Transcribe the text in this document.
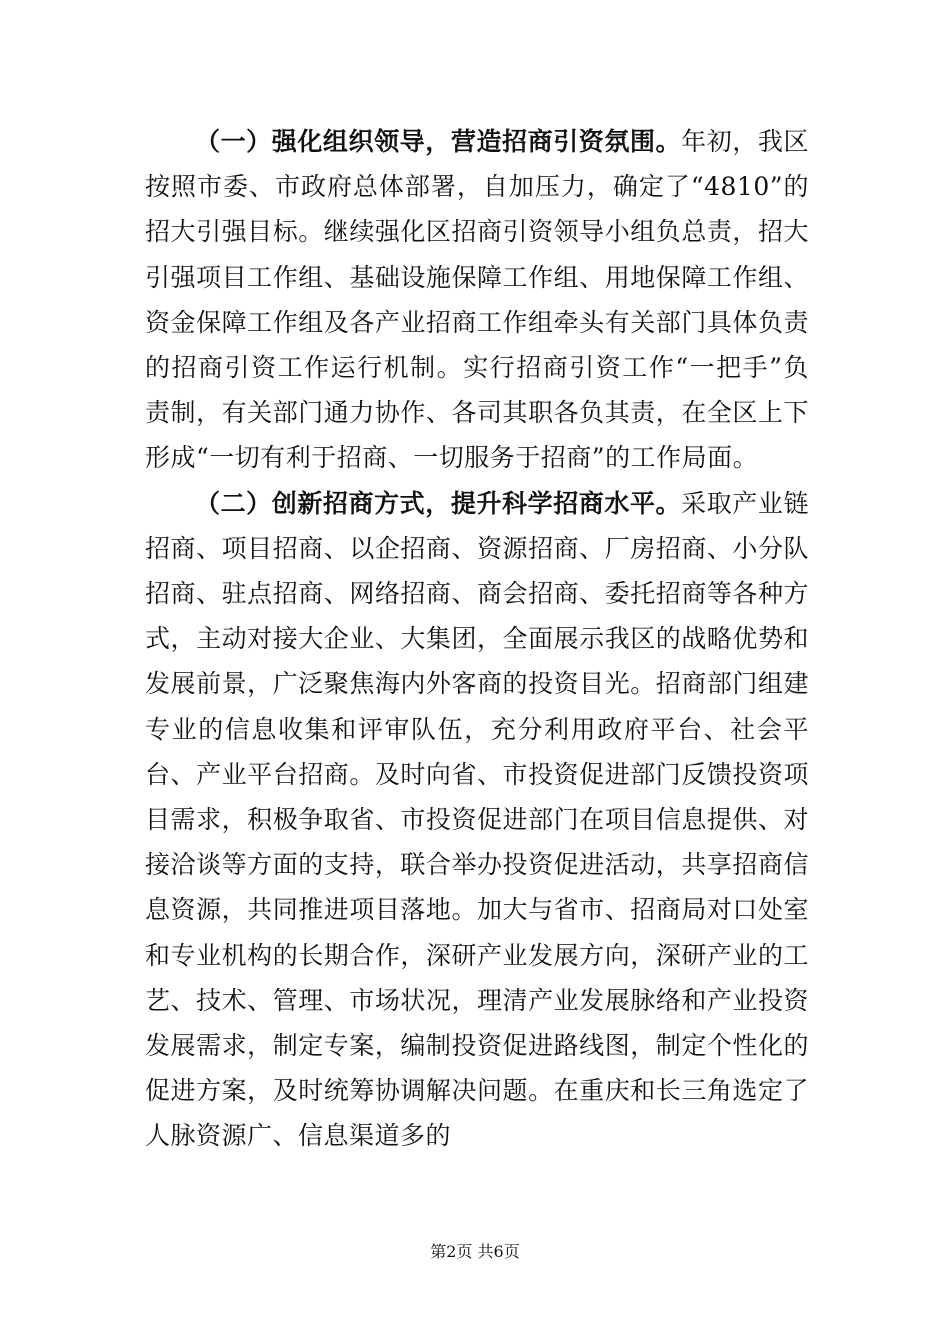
（一）强化组织领导，营造招商引资氛围。年初，我区按照市委、市政府总体部署，自加压力，确定了“4810”的招大引强目标。继续强化区招商引资领导小组负总责，招大引强项目工作组、基础设施保障工作组、用地保障工作组、资金保障工作组及各产业招商工作组牵头有关部门具体负责的招商引资工作运行机制。实行招商引资工作“一把手”负责制，有关部门通力协作、各司其职各负其责，在全区上下形成“一切有利于招商、一切服务于招商”的工作局面。

（二）创新招商方式，提升科学招商水平。采取产业链招商、项目招商、以企招商、资源招商、厂房招商、小分队招商、驻点招商、网络招商、商会招商、委托招商等各种方式，主动对接大企业、大集团，全面展示我区的战略优势和发展前景，广泛聚焦海内外客商的投资目光。招商部门组建专业的信息收集和评审队伍，充分利用政府平台、社会平台、产业平台招商。及时向省、市投资促进部门反馈投资项目需求，积极争取省、市投资促进部门在项目信息提供、对接洽谈等方面的支持，联合举办投资促进活动，共享招商信息资源，共同推进项目落地。加大与省市、招商局对口处室和专业机构的长期合作，深研产业发展方向，深研产业的工艺、技术、管理、市场状况，理清产业发展脉络和产业投资发展需求，制定专案，编制投资促进路线图，制定个性化的促进方案，及时统筹协调解决问题。在重庆和长三角选定了人脉资源广、信息渠道多的

第2页 共6页
